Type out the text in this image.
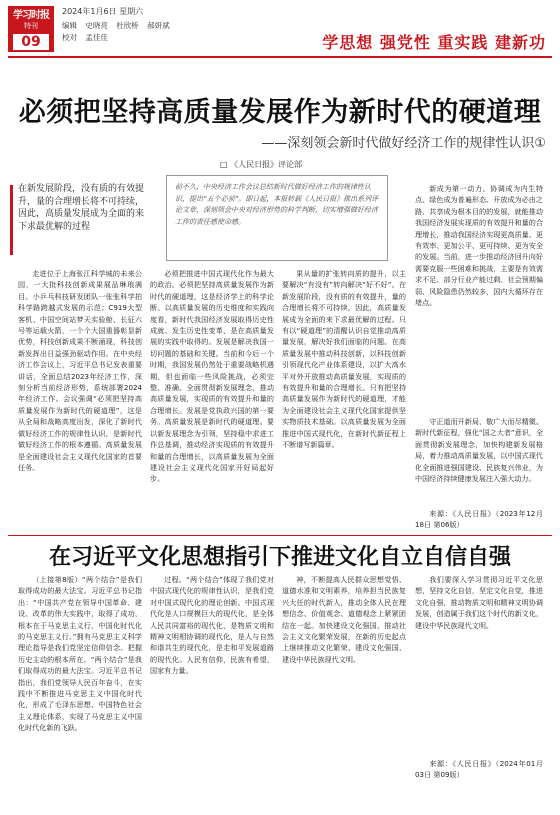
学习时报
特刊
09
2024年1月6日 星期六
编辑 史晓亮 杜欣桥 郝妍斌
校对 孟佳佳	学思想 强党性 重实践 建新功
必须把坚持高质量发展作为新时代的硬道理
——深刻领会新时代做好经济工作的规律性认识①
□ 《人民日报》评论部
前不久，中央经济工作会议总结新时代做好经济工作的规律性认识，提出“五个必须”。即日起，本报转载《人民日报》推出系列评论文章，深刻领会中央对经济形势的科学判断，切实增强做好经济工作的责任感使命感。
在新发展阶段，没有质的有效提升，量的合理增长将不可持续，因此，高质量发展成为全面的来下求最优解的过程

走进位于上海张江科学城的未来公园，一大批科技创新成果展品琳琅满目。小乒乓科技研发团队一张张科学拍科学路跨越式发展的示范；C919大型客机、中国空间站梦天实验舱、长征六号等运载火箭，一个个大国重器彰显新优势，科技创新成果不断涌现，科技创新发挥出日益强劲驱动作用。在中央经济工作会议上，习近平总书记发表重要讲话，全面总结2023年经济工作，深刻分析当前经济形势，系统部署2024年经济工作。会议强调“必须把坚持高质量发展作为新时代的硬道理”，这是从全局和战略高度出发，深化了新时代做好经济工作的规律性认识，是新时代做好经济工作的根本遵循。高质量发展是全面建设社会主义现代化国家的首要任务。

必须把推进中国式现代化作为最大的政治。必须把坚持高质量发展作为新时代的硬道理，这是经济学上的科学论断。以高质量发展的历史维度和实践向度看，新时代我国经济发展取得历史性成就、发生历史性变革，是在高质量发展的实践中取得的。发展是解决我国一切问题的基础和关键。当前和今后一个时期，我国发展仍然处于重要战略机遇期，但也面临一些风险挑战，必须完整、准确、全面贯彻新发展理念，推动高质量发展，实现质的有效提升和量的合理增长。发展是党执政兴国的第一要务。高质量发展是新时代的硬道理。要以新发展理念为引领，坚持稳中求进工作总基调，推动经济实现质的有效提升和量的合理增长，以高质量发展为全面建设社会主义现代化国家开好局起好步。

果从量的扩张转向质的提升，以主要解决“有没有”转向解决“好不好”。在新发展阶段，没有质的有效提升，量的合理增长将不可持续，因此，高质量发展成为全面的来下求最优解的过程。只有以“硬道理”的清醒认识自觉推动高质量发展，解决好我们面临的问题。在高质量发展中推动科技创新，以科技创新引领现代化产业体系建设，以扩大高水平对外开放推动高质量发展，实现质的有效提升和量的合理增长。只有把坚持高质量发展作为新时代的硬道理，才能为全面建设社会主义现代化国家提供坚实物质技术基础。以高质量发展为全面推进中国式现代化，在新时代新征程上不断谱写新篇章。

新成为第一动力、协调成为内生特点、绿色成为普遍形态、开放成为必由之路、共享成为根本目的的发展，就能推动我国经济发展实现质的有效提升和量的合理增长，推动我国经济实现更高质量、更有效率、更加公平、更可持续、更为安全的发展。当前，进一步推动经济回升向好需要克服一些困难和挑战，主要是有效需求不足、部分行业产能过剩、社会预期偏弱、风险隐患仍然较多，国内大循环存在堵点。

守正道而开新局，敬广大而尽精微。新时代新征程，强化“国之大者”意识，全面贯彻新发展理念，加快构建新发展格局，着力推动高质量发展，以中国式现代化全面推进强国建设、民族复兴伟业，为中国经济持续健康发展注入强大动力。

来源：《人民日报》（2023年12月18日 第06版）

在习近平文化思想指引下推进文化自立自信自强

（上接第8版）“两个结合”是我们取得成功的最大法宝。习近平总书记指出：“中国共产党在领导中国革命、建设、改革的伟大实践中，取得了成功，根本在于马克思主义行、中国化时代化的马克思主义行。”拥有马克思主义科学理论指导是我们党坚定信仰信念、把握历史主动的根本所在。“两个结合”是我们取得成功的最大法宝。习近平总书记指出，我们党领导人民百年奋斗，在实践中不断推进马克思主义中国化时代化，形成了毛泽东思想、中国特色社会主义理论体系，实现了马克思主义中国化时代化新的飞跃。

过程。“两个结合”体现了我们党对中国式现代化的规律性认识，是我们党对中国式现代化的理论创新。中国式现代化是人口规模巨大的现代化，是全体人民共同富裕的现代化，是物质文明和精神文明相协调的现代化，是人与自然和谐共生的现代化，是走和平发展道路的现代化。人民有信仰，民族有希望，国家有力量。

神，不断提高人民群众思想觉悟、道德水准和文明素养，培养担当民族复兴大任的时代新人，推动全体人民在理想信念、价值观念、道德观念上紧紧团结在一起。加快建设文化强国，推动社会主义文化繁荣发展，在新的历史起点上继续推动文化繁荣、建设文化强国、建设中华民族现代文明。

我们要深入学习贯彻习近平文化思想，坚持文化自信，坚定文化自觉，推进文化自强，推动物质文明和精神文明协调发展，创造属于我们这个时代的新文化，建设中华民族现代文明。

来源：《人民日报》（2024年01月03日 第09版）
